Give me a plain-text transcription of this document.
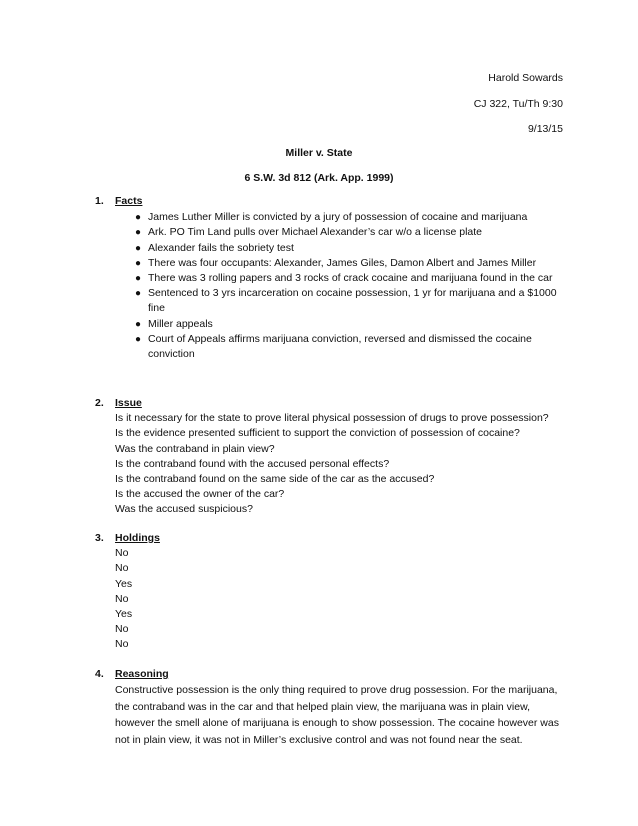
Harold Sowards
CJ 322, Tu/Th 9:30
9/13/15
Miller v. State
6 S.W. 3d 812 (Ark. App. 1999)
1.	Facts
● James Luther Miller is convicted by a jury of possession of cocaine and marijuana
● Ark. PO Tim Land pulls over Michael Alexander’s car w/o a license plate
● Alexander fails the sobriety test
● There was four occupants: Alexander, James Giles, Damon Albert and James Miller
● There was 3 rolling papers and 3 rocks of crack cocaine and marijuana found in the car
● Sentenced to 3 yrs incarceration on cocaine possession, 1 yr for marijuana and a $1000 fine
● Miller appeals
● Court of Appeals affirms marijuana conviction, reversed and dismissed the cocaine conviction
2.	Issue
Is it necessary for the state to prove literal physical possession of drugs to prove possession?
Is the evidence presented sufficient to support the conviction of possession of cocaine?
Was the contraband in plain view?
Is the contraband found with the accused personal effects?
Is the contraband found on the same side of the car as the accused?
Is the accused the owner of the car?
Was the accused suspicious?
3.	Holdings
No
No
Yes
No
Yes
No
No
4.	Reasoning
Constructive possession is the only thing required to prove drug possession. For the marijuana, the contraband was in the car and that helped plain view, the marijuana was in plain view, however the smell alone of marijuana is enough to show possession. The cocaine however was not in plain view, it was not in Miller’s exclusive control and was not found near the seat.
